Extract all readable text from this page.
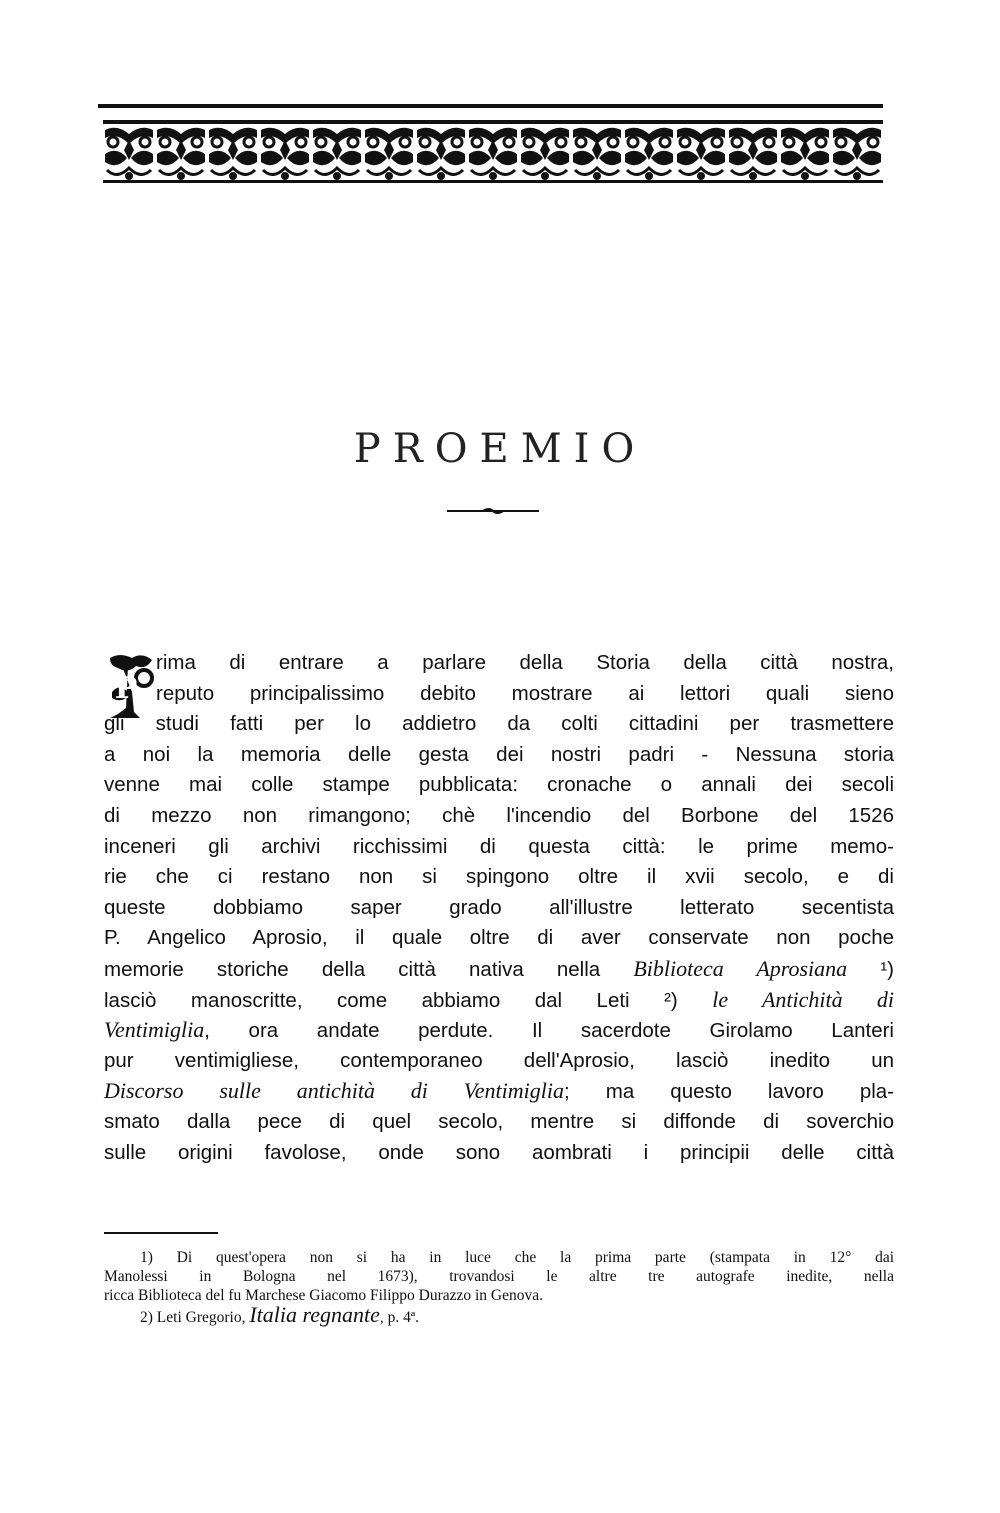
PROEMIO
P
rima di entrare a parlare della Storia della città nostra,
reputo principalissimo debito mostrare ai lettori quali sieno
gli studi fatti per lo addietro da colti cittadini per trasmettere
a noi la memoria delle gesta dei nostri padri - Nessuna storia
venne mai colle stampe pubblicata: cronache o annali dei secoli
di mezzo non rimangono; chè l'incendio del Borbone del 1526
inceneri gli archivi ricchissimi di questa città: le prime memo-
rie che ci restano non si spingono oltre il xvii secolo, e di
queste dobbiamo saper grado all'illustre letterato secentista
P. Angelico Aprosio, il quale oltre di aver conservate non poche
memorie storiche della città nativa nella Biblioteca Aprosiana ¹)
lasciò manoscritte, come abbiamo dal Leti ²) le Antichità di
Ventimiglia, ora andate perdute. Il sacerdote Girolamo Lanteri
pur ventimigliese, contemporaneo dell'Aprosio, lasciò inedito un
Discorso sulle antichità di Ventimiglia; ma questo lavoro pla-
smato dalla pece di quel secolo, mentre si diffonde di soverchio
sulle origini favolose, onde sono aombrati i principii delle città
1) Di quest'opera non si ha in luce che la prima parte (stampata in 12° dai
Manolessi in Bologna nel 1673), trovandosi le altre tre autografe inedite, nella
ricca Biblioteca del fu Marchese Giacomo Filippo Durazzo in Genova.
2) Leti Gregorio, Italia regnante, p. 4ª.
